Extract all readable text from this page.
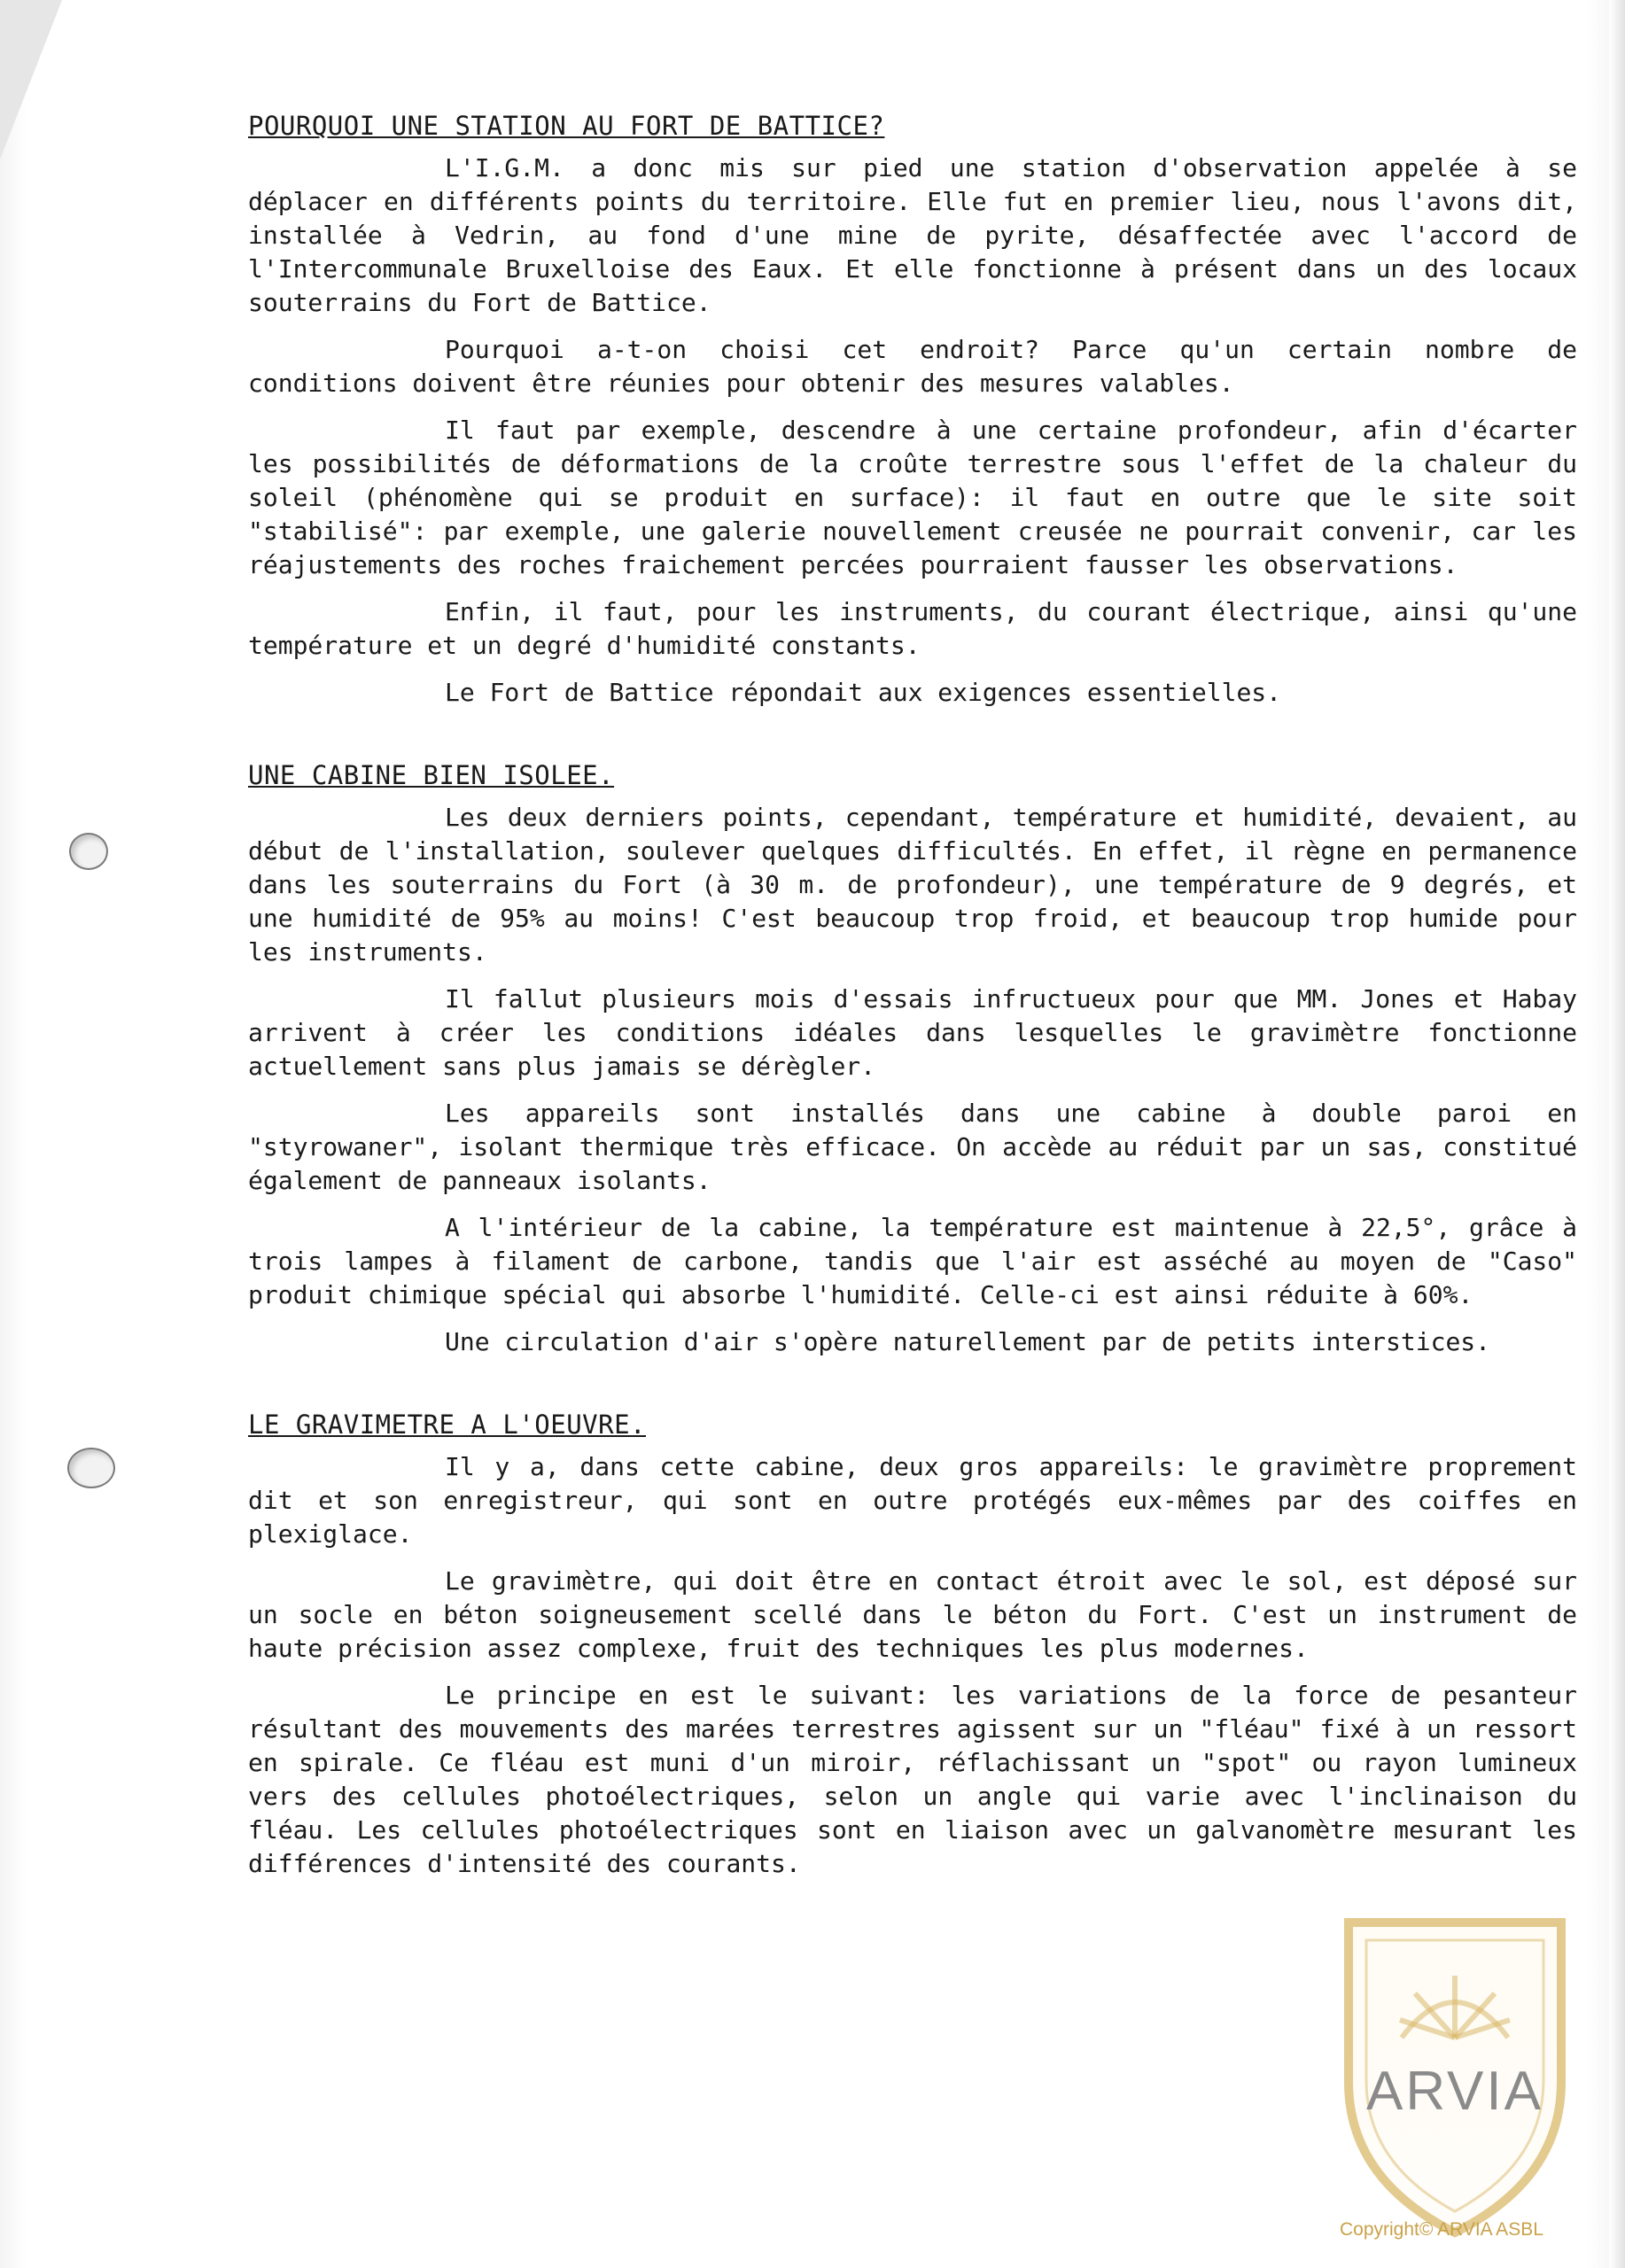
POURQUOI UNE STATION AU FORT DE BATTICE?

L'I.G.M. a donc mis sur pied une station d'observation appelée à se déplacer en différents points du territoire. Elle fut en premier lieu, nous l'avons dit, installée à Vedrin, au fond d'une mine de pyrite, désaffectée avec l'accord de l'Intercommunale Bruxelloise des Eaux. Et elle fonctionne à présent dans un des locaux souterrains du Fort de Battice.

Pourquoi a-t-on choisi cet endroit? Parce qu'un certain nombre de conditions doivent être réunies pour obtenir des mesures valables.

Il faut par exemple, descendre à une certaine profondeur, afin d'écarter les possibilités de déformations de la croûte terrestre sous l'effet de la chaleur du soleil (phénomène qui se produit en surface): il faut en outre que le site soit "stabilisé": par exemple, une galerie nouvellement creusée ne pourrait convenir, car les réajustements des roches fraichement percées pourraient fausser les observations.

Enfin, il faut, pour les instruments, du courant électrique, ainsi qu'une température et un degré d'humidité constants.

Le Fort de Battice répondait aux exigences essentielles.

UNE CABINE BIEN ISOLEE.

Les deux derniers points, cependant, température et humidité, devaient, au début de l'installation, soulever quelques difficultés. En effet, il règne en permanence dans les souterrains du Fort (à 30 m. de profondeur), une température de 9 degrés, et une humidité de 95% au moins! C'est beaucoup trop froid, et beaucoup trop humide pour les instruments.

Il fallut plusieurs mois d'essais infructueux pour que MM. Jones et Habay arrivent à créer les conditions idéales dans lesquelles le gravimètre fonctionne actuellement sans plus jamais se dérègler.

Les appareils sont installés dans une cabine à double paroi en "styrowaner", isolant thermique très efficace. On accède au réduit par un sas, constitué également de panneaux isolants.

A l'intérieur de la cabine, la température est maintenue à 22,5°, grâce à trois lampes à filament de carbone, tandis que l'air est asséché au moyen de "Caso" produit chimique spécial qui absorbe l'humidité. Celle-ci est ainsi réduite à 60%.

Une circulation d'air s'opère naturellement par de petits interstices.

LE GRAVIMETRE A L'OEUVRE.

Il y a, dans cette cabine, deux gros appareils: le gravimètre proprement dit et son enregistreur, qui sont en outre protégés eux-mêmes par des coiffes en plexiglace.

Le gravimètre, qui doit être en contact étroit avec le sol, est déposé sur un socle en béton soigneusement scellé dans le béton du Fort. C'est un instrument de haute précision assez complexe, fruit des techniques les plus modernes.

Le principe en est le suivant: les variations de la force de pesanteur résultant des mouvements des marées terrestres agissent sur un "fléau" fixé à un ressort en spirale. Ce fléau est muni d'un miroir, réflachissant un "spot" ou rayon lumineux vers des cellules photoélectriques, selon un angle qui varie avec l'inclinaison du fléau. Les cellules photoélectriques sont en liaison avec un galvanomètre mesurant les différences d'intensité des courants.

ARVIA
Copyright© ARVIA ASBL
